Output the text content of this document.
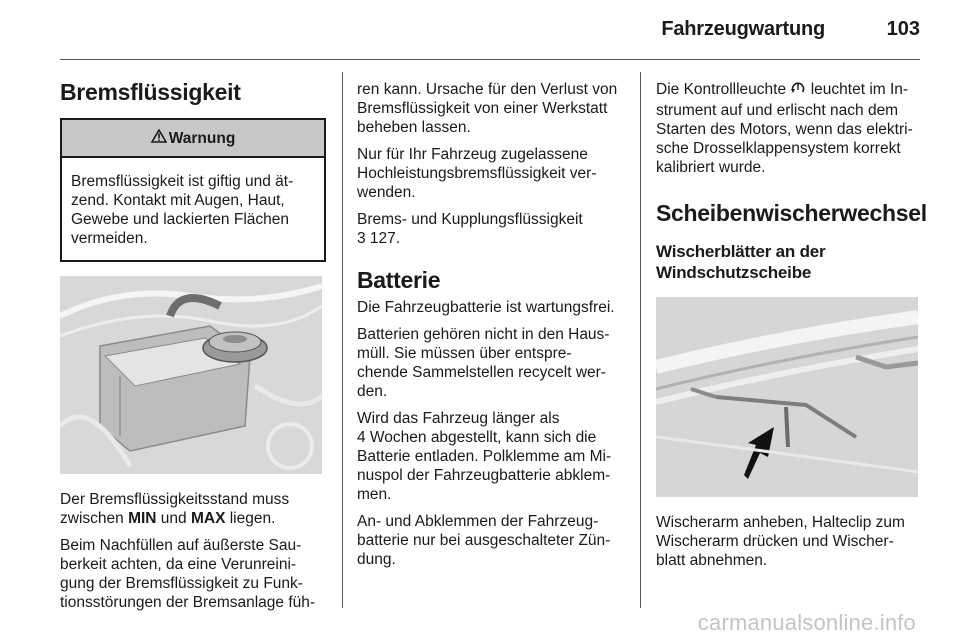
Fahrzeugwartung	103
Bremsflüssigkeit
Warnung
Bremsflüssigkeit ist giftig und ät-
zend. Kontakt mit Augen, Haut,
Gewebe und lackierten Flächen
vermeiden.

Der Bremsflüssigkeitsstand muss
zwischen MIN und MAX liegen.

Beim Nachfüllen auf äußerste Sau-
berkeit achten, da eine Verunreini-
gung der Bremsflüssigkeit zu Funk-
tionsstörungen der Bremsanlage füh-

ren kann. Ursache für den Verlust von
Bremsflüssigkeit von einer Werkstatt
beheben lassen.

Nur für Ihr Fahrzeug zugelassene
Hochleistungsbremsflüssigkeit ver-
wenden.

Brems- und Kupplungsflüssigkeit
3 127.

Batterie

Die Fahrzeugbatterie ist wartungsfrei.

Batterien gehören nicht in den Haus-
müll. Sie müssen über entspre-
chende Sammelstellen recycelt wer-
den.

Wird das Fahrzeug länger als
4 Wochen abgestellt, kann sich die
Batterie entladen. Polklemme am Mi-
nuspol der Fahrzeugbatterie abklem-
men.

An- und Abklemmen der Fahrzeug-
batterie nur bei ausgeschalteter Zün-
dung.

Die Kontrollleuchte  leuchtet im In-
strument auf und erlischt nach dem
Starten des Motors, wenn das elektri-
sche Drosselklappensystem korrekt
kalibriert wurde.

Scheibenwischerwechsel
Wischerblätter an der
Windschutzscheibe

Wischerarm anheben, Halteclip zum
Wischerarm drücken und Wischer-
blatt abnehmen.

carmanualsonline.info
